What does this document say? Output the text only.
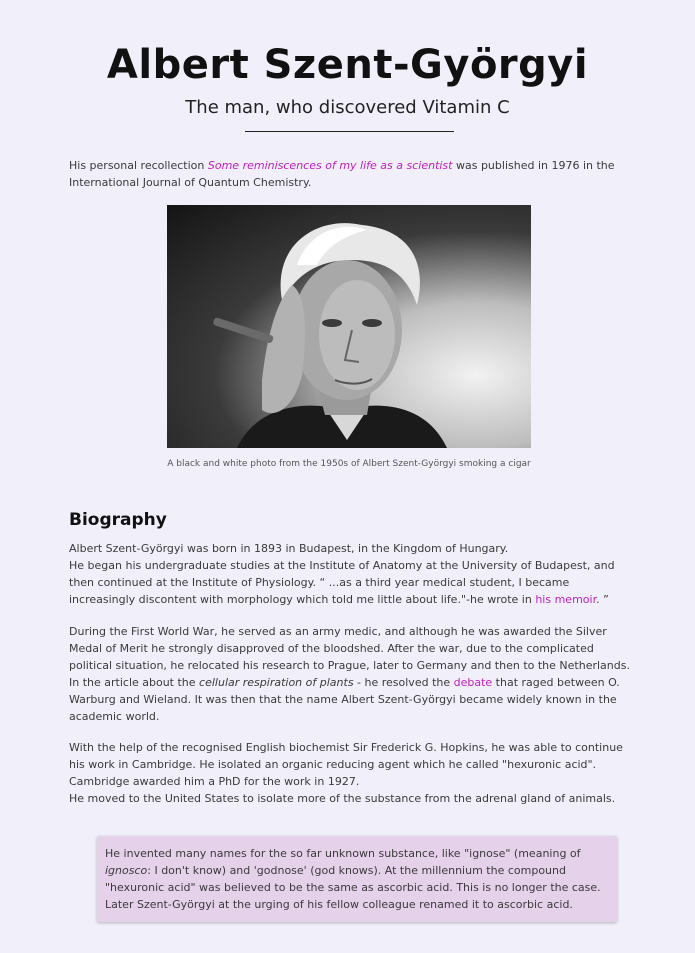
Albert Szent-Györgyi
The man, who discovered Vitamin C

His personal recollection Some reminiscences of my life as a scientist was published in 1976 in the International Journal of Quantum Chemistry.

A black and white photo from the 1950s of Albert Szent-Györgyi smoking a cigar
Biography

Albert Szent-Györgyi was born in 1893 in Budapest, in the Kingdom of Hungary.
He began his undergraduate studies at the Institute of Anatomy at the University of Budapest, and then continued at the Institute of Physiology. “ ...as a third year medical student, I became increasingly discontent with morphology which told me little about life."-he wrote in his memoir. ”

During the First World War, he served as an army medic, and although he was awarded the Silver Medal of Merit he strongly disapproved of the bloodshed. After the war, due to the complicated political situation, he relocated his research to Prague, later to Germany and then to the Netherlands. In the article about the cellular respiration of plants - he resolved the debate that raged between O. Warburg and Wieland. It was then that the name Albert Szent-Györgyi became widely known in the academic world.

With the help of the recognised English biochemist Sir Frederick G. Hopkins, he was able to continue his work in Cambridge. He isolated an organic reducing agent which he called "hexuronic acid". Cambridge awarded him a PhD for the work in 1927.
He moved to the United States to isolate more of the substance from the adrenal gland of animals.

He invented many names for the so far unknown substance, like "ignose" (meaning of ignosco: I don't know) and 'godnose' (god knows). At the millennium the compound "hexuronic acid" was believed to be the same as ascorbic acid. This is no longer the case. Later Szent-Györgyi at the urging of his fellow colleague renamed it to ascorbic acid.
